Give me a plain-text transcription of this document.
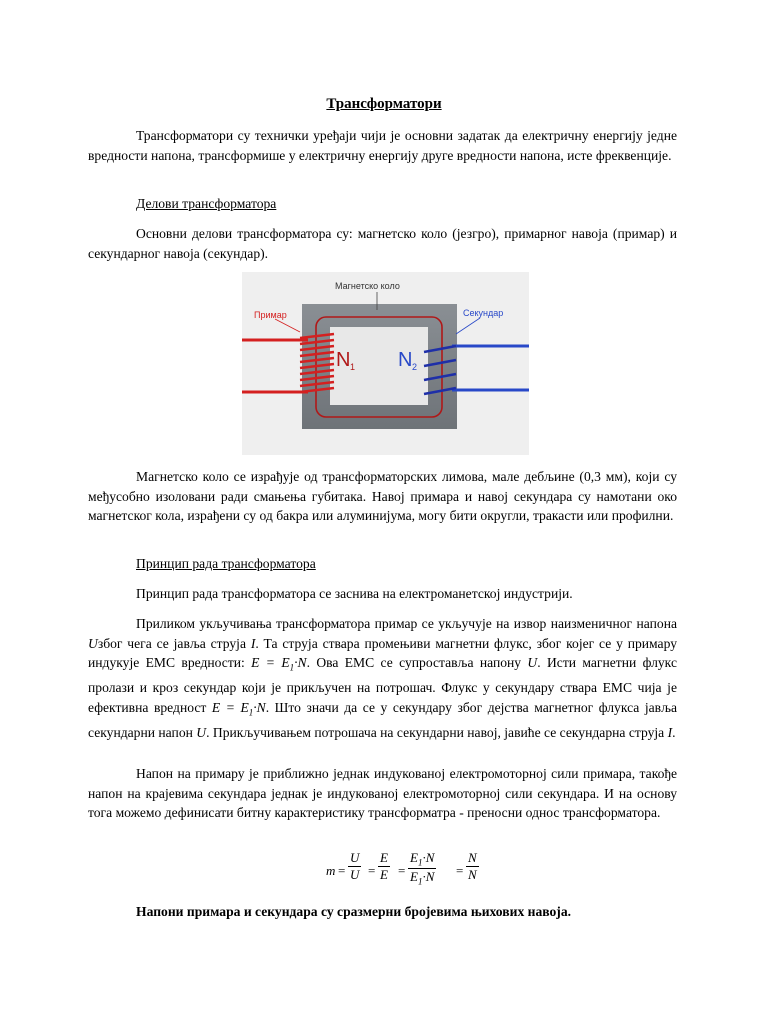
Трансформатори

Трансформатори су технички уређаји чији је основни задатак да електричну енергију једне вредности напона, трансформише у електричну енергију друге вредности напона, исте фреквенције.

Делови трансформатора

Основни делови трансформатора су: магнетско коло (језгро), примарног навоја (примар) и секундарног навоја (секундар).

Магнетско коло
Примар	Секундар
N 1 N 2

Магнетско коло се израђује од трансформаторских лимова, мале дебљине (0,3 мм), који су међусобно изоловани ради смањења губитака. Навој примара и навој секундара су намотани око магнетског кола, израђени су од бакра или алуминијума, могу бити округли, тракасти или профилни.

Принцип рада трансформатора

Принцип рада трансформатора се заснива на електроманетској индустрији.

Приликом укључивања трансформатора примар се укључује на извор наизменичног напона Uзбог чега се јавља струја I. Та струја ствара промењиви магнетни флукс, због којег се у примару индукује ЕМС вредности: $E = E_1\cdot N$. Ова ЕМС се супроставља напону U. Исти магнетни флукс пролази и кроз секундар који је прикључен на потрошач. Флукс у секундару ствара ЕМС чија је ефективна вредност $E = E_1\cdot N$. Што значи да се у секундару због дејства магнетног флукса јавља секундарни напон U. Прикључивањем потрошача на секундарни навој, јавиће се секундарна струја I.

Напон на примару је приближно једнак индукованој електромоторној сили примара, такође напон на крајевима секундара једнак је индукованој електромоторној сили секундара. И на основу тога можемо дефинисати битну карактеристику трансформатра - преносни однос трансформатора.

$m = \frac{U}{U} = \frac{E}{E} = \frac{E_1\cdot N}{E_1\cdot N} = \frac{N}{N}$
Напони примара и секундара су сразмерни бројевима њихових навоја.
